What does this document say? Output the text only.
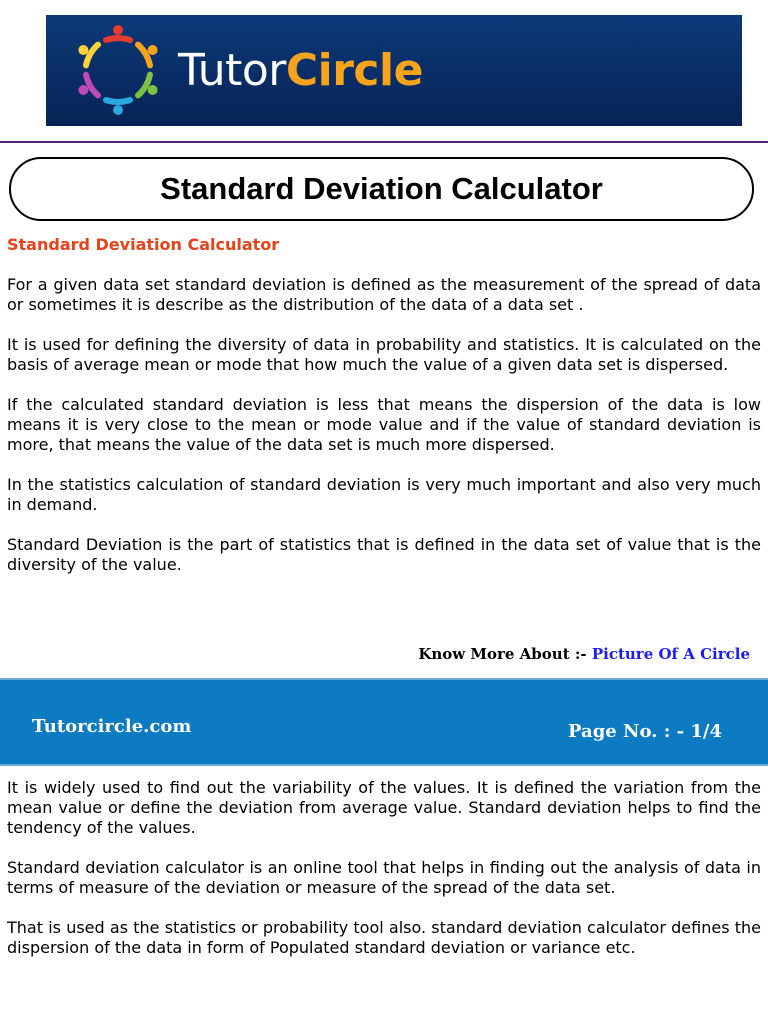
TutorCircle
Standard Deviation Calculator
Standard Deviation Calculator

For a given data set standard deviation is defined as the measurement of the spread of data or sometimes it is describe as the distribution of the data of a data set .

It is used for defining the diversity of data in probability and statistics. It is calculated on the basis of average mean or mode that how much the value of a given data set is dispersed.

If the calculated standard deviation is less that means the dispersion of the data is low means it is very close to the mean or mode value and if the value of standard deviation is more, that means the value of the data set is much more dispersed.

In the statistics calculation of standard deviation is very much important and also very much in demand.

Standard Deviation is the part of statistics that is defined in the data set of value that is the diversity of the value.

Know More About :- Picture Of A Circle
Tutorcircle.com	Page No. : - 1/4

It is widely used to find out the variability of the values. It is defined the variation from the mean value or define the deviation from average value. Standard deviation helps to find the tendency of the values.

Standard deviation calculator is an online tool that helps in finding out the analysis of data in terms of measure of the deviation or measure of the spread of the data set.

That is used as the statistics or probability tool also. standard deviation calculator defines the dispersion of the data in form of Populated standard deviation or variance etc.
